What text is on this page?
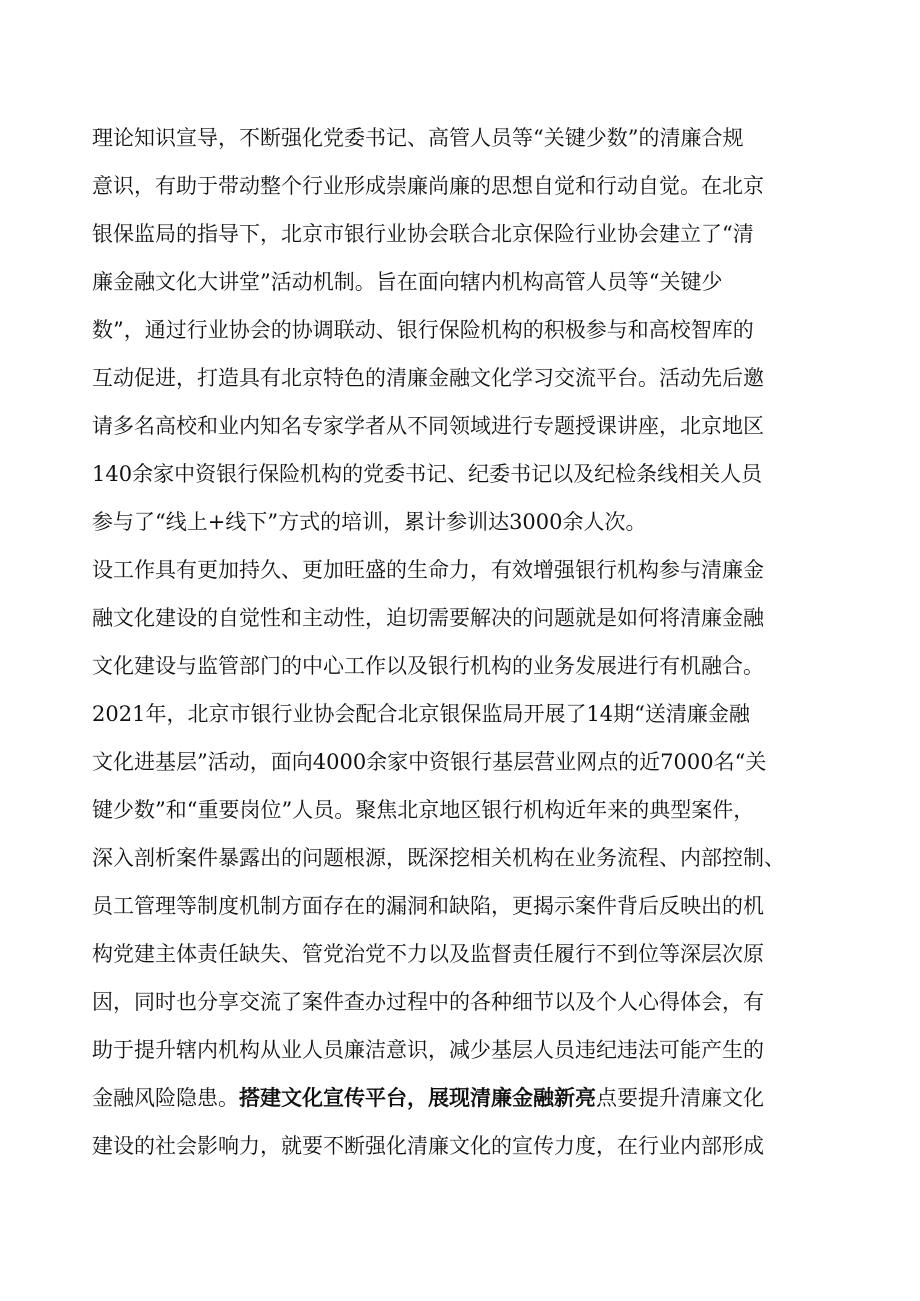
理论知识宣导，不断强化党委书记、高管人员等“关键少数”的清廉合规
意识，有助于带动整个行业形成崇廉尚廉的思想自觉和行动自觉。在北京
银保监局的指导下，北京市银行业协会联合北京保险行业协会建立了“清
廉金融文化大讲堂”活动机制。旨在面向辖内机构高管人员等“关键少
数”，通过行业协会的协调联动、银行保险机构的积极参与和高校智库的
互动促进，打造具有北京特色的清廉金融文化学习交流平台。活动先后邀
请多名高校和业内知名专家学者从不同领域进行专题授课讲座，北京地区
140余家中资银行保险机构的党委书记、纪委书记以及纪检条线相关人员
参与了“线上+线下”方式的培训，累计参训达3000余人次。
设工作具有更加持久、更加旺盛的生命力，有效增强银行机构参与清廉金
融文化建设的自觉性和主动性，迫切需要解决的问题就是如何将清廉金融
文化建设与监管部门的中心工作以及银行机构的业务发展进行有机融合。
2021年，北京市银行业协会配合北京银保监局开展了14期“送清廉金融
文化进基层”活动，面向4000余家中资银行基层营业网点的近7000名“关
键少数”和“重要岗位”人员。聚焦北京地区银行机构近年来的典型案件，
深入剖析案件暴露出的问题根源，既深挖相关机构在业务流程、内部控制、
员工管理等制度机制方面存在的漏洞和缺陷，更揭示案件背后反映出的机
构党建主体责任缺失、管党治党不力以及监督责任履行不到位等深层次原
因，同时也分享交流了案件查办过程中的各种细节以及个人心得体会，有
助于提升辖内机构从业人员廉洁意识，减少基层人员违纪违法可能产生的
金融风险隐患。搭建文化宣传平台，展现清廉金融新亮点要提升清廉文化
建设的社会影响力，就要不断强化清廉文化的宣传力度，在行业内部形成
